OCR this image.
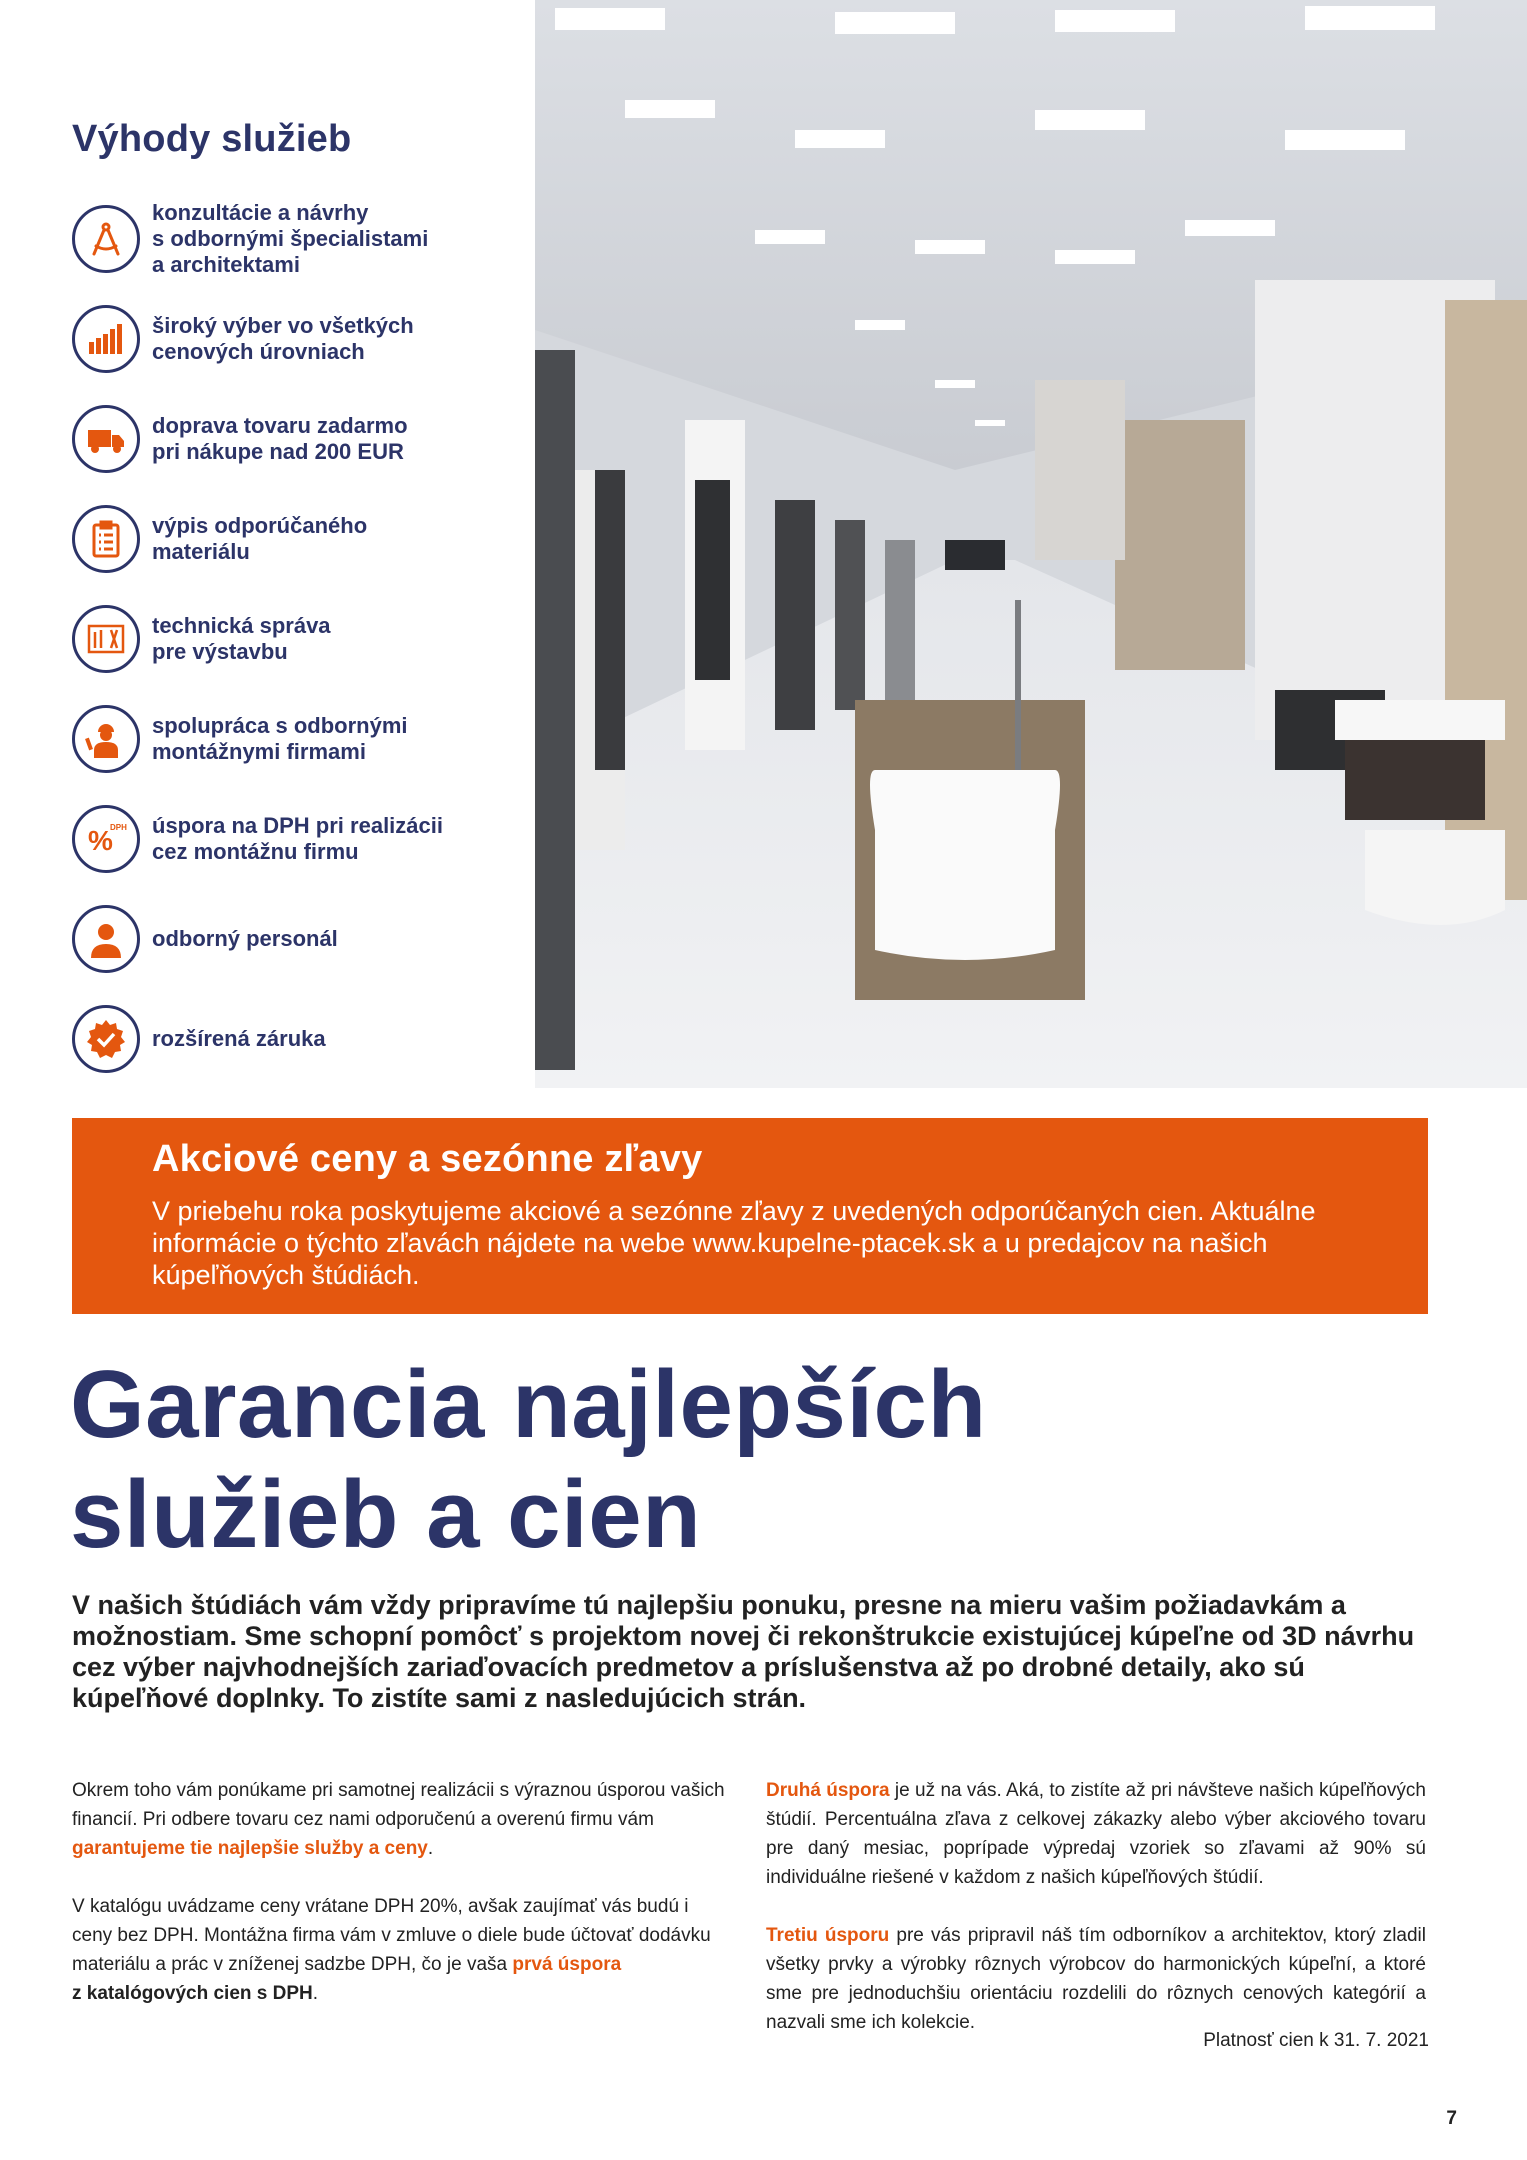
Výhody služieb
konzultácie a návrhy
s odbornými špecialistami
a architektami
široký výber vo všetkých
cenových úrovniach
doprava tovaru zadarmo
pri nákupe nad 200 EUR
výpis odporúčaného
materiálu
technická správa
pre výstavbu
spolupráca s odbornými
montážnymi firmami
%
DPH úspora na DPH pri realizácii
cez montážnu firmu
odborný personál
rozšírená záruka
Akciové ceny a sezónne zľavy

V priebehu roka poskytujeme akciové a sezónne zľavy z uvedených odporúčaných cien. Aktuálne informácie o týchto zľavách nájdete na webe www.kupelne-ptacek.sk a u predajcov na našich kúpeľňových štúdiách.

Garancia najlepších
služieb a cien

V našich štúdiách vám vždy pripravíme tú najlepšiu ponuku, presne na mieru vašim požiadavkám a možnostiam. Sme schopní pomôcť s projektom novej či rekonštrukcie existujúcej kúpeľne od 3D návrhu cez výber najvhodnejších zariaďovacích predmetov a príslušenstva až po drobné detaily, ako sú kúpeľňové doplnky. To zistíte sami z nasledujúcich strán.

Okrem toho vám ponúkame pri samotnej realizácii s výraznou úsporou vašich financií. Pri odbere tovaru cez nami odporučenú a overenú firmu vám garantujeme tie najlepšie služby a ceny.

V katalógu uvádzame ceny vrátane DPH 20%, avšak zaujímať vás budú i ceny bez DPH. Montážna firma vám v zmluve o diele bude účtovať dodávku materiálu a prác v zníženej sadzbe DPH, čo je vaša prvá úspora
z katalógových cien s DPH.

Druhá úspora je už na vás. Aká, to zistíte až pri návšteve našich kúpeľňových štúdií. Percentuálna zľava z celkovej zákazky alebo výber akciového tovaru pre daný mesiac, poprípade výpredaj vzoriek so zľavami až 90% sú individuálne riešené v každom z našich kúpeľňových štúdií.

Tretiu úsporu pre vás pripravil náš tím odborníkov a architektov, ktorý zladil všetky prvky a výrobky rôznych výrobcov do harmonických kúpeľní, a ktoré sme pre jednoduchšiu orientáciu rozdelili do rôznych cenových kategórií a nazvali sme ich kolekcie.

Platnosť cien k 31. 7. 2021
7
